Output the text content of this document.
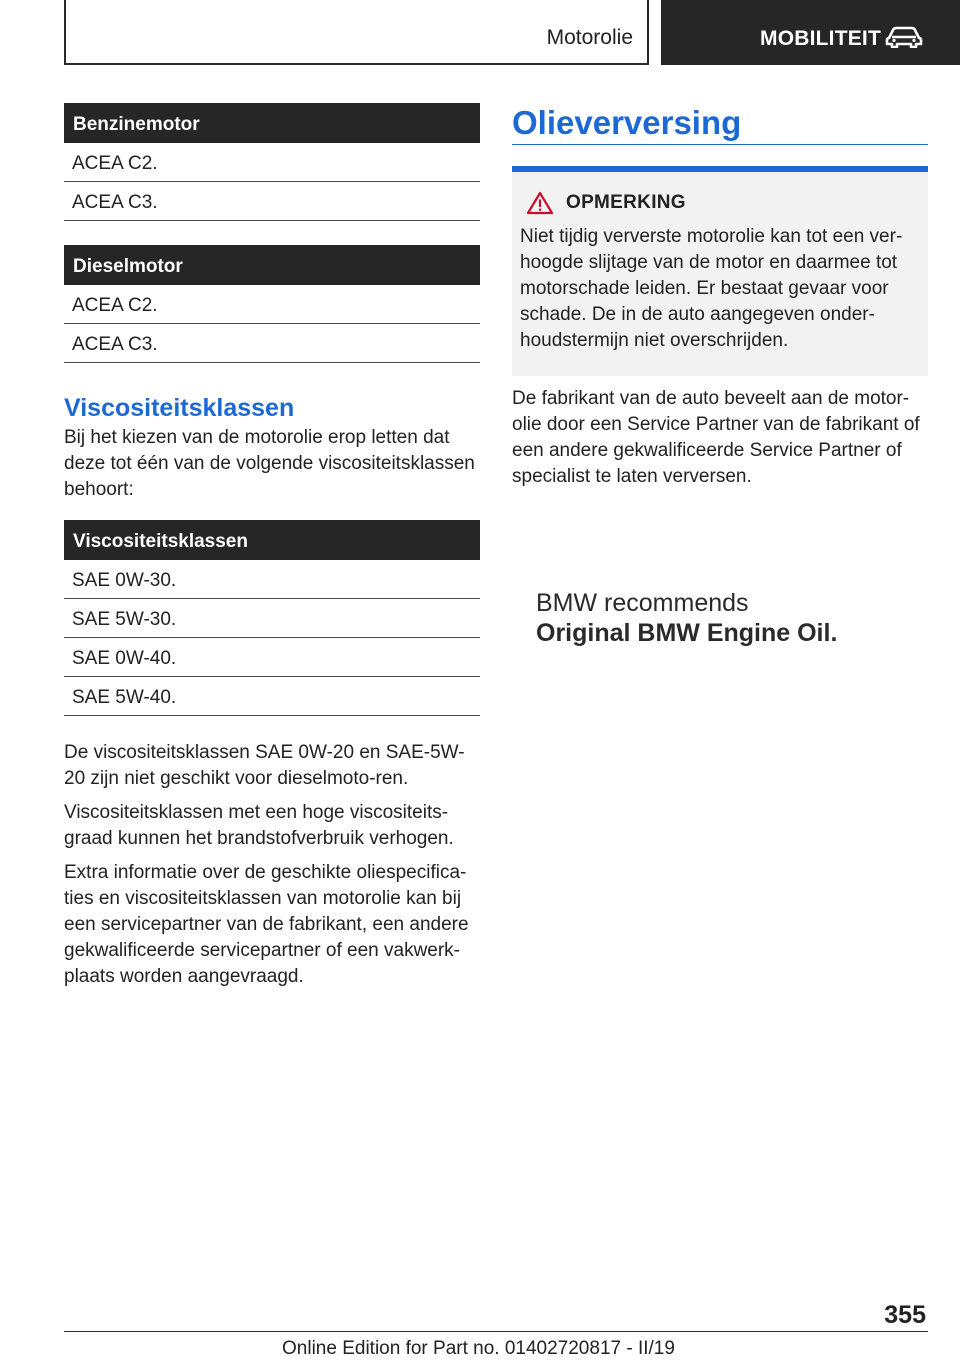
Motorolie	MOBILITEIT
Benzinemotor
ACEA C2.
ACEA C3.
Dieselmotor
ACEA C2.
ACEA C3.
Viscositeitsklassen

Bij het kiezen van de motorolie erop letten dat deze tot één van de volgende viscositeitsklassen behoort:

Viscositeitsklassen
SAE 0W-30.
SAE 5W-30.
SAE 0W-40.
SAE 5W-40.

De viscositeitsklassen SAE 0W-20 en SAE-5W-20 zijn niet geschikt voor dieselmoto-ren.

Viscositeitsklassen met een hoge viscositeits-graad kunnen het brandstofverbruik verhogen.

Extra informatie over de geschikte oliespecifica-ties en viscositeitsklassen van motorolie kan bij een servicepartner van de fabrikant, een andere gekwalificeerde servicepartner of een vakwerk-plaats worden aangevraagd.

Olieverversing
OPMERKING

Niet tijdig ververste motorolie kan tot een ver-hoogde slijtage van de motor en daarmee tot motorschade leiden. Er bestaat gevaar voor schade. De in de auto aangegeven onder-houdstermijn niet overschrijden.

De fabrikant van de auto beveelt aan de motor-olie door een Service Partner van de fabrikant of een andere gekwalificeerde Service Partner of specialist te laten verversen.

BMW recommends
Original BMW Engine Oil.
355
Online Edition for Part no. 01402720817 - II/19
